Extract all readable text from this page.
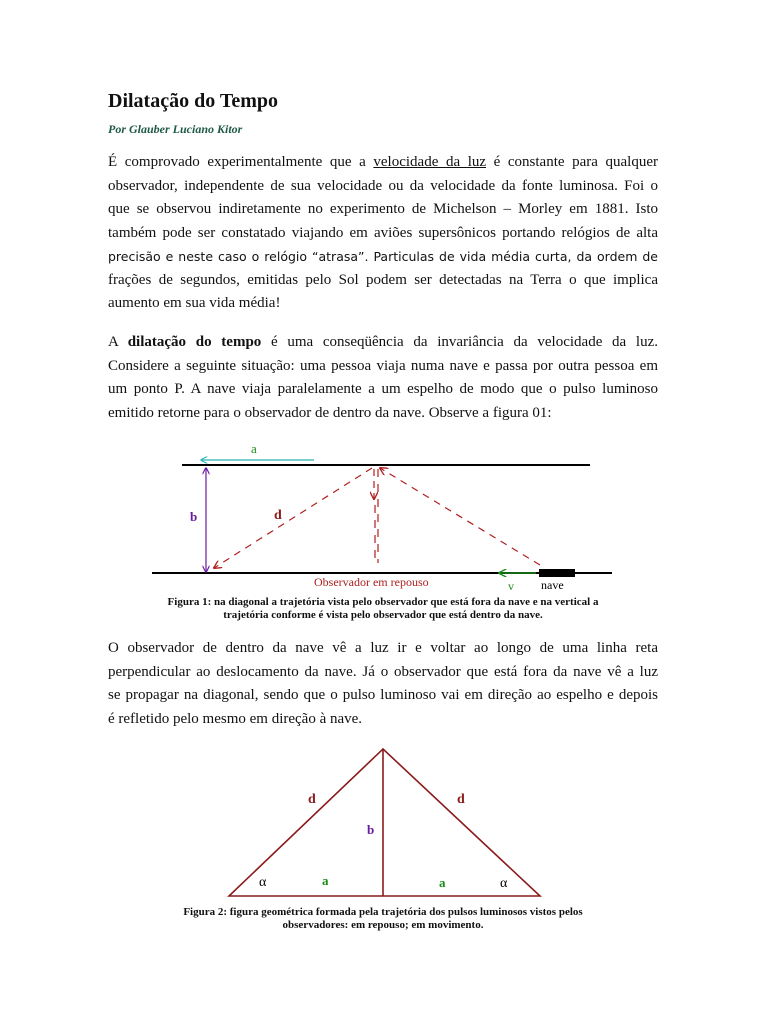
Dilatação do Tempo
Por Glauber Luciano Kitor
É comprovado experimentalmente que a velocidade da luz é constante para qualquer
observador, independente de sua velocidade ou da velocidade da fonte luminosa. Foi o
que se observou indiretamente no experimento de Michelson – Morley em 1881. Isto
também pode ser constatado viajando em aviões supersônicos portando relógios de alta
precisão e neste caso o relógio “atrasa”. Particulas de vida média curta, da ordem de
frações de segundos, emitidas pelo Sol podem ser detectadas na Terra o que implica
aumento em sua vida média!
A dilatação do tempo é uma conseqüência da invariância da velocidade da luz.
Considere a seguinte situação: uma pessoa viaja numa nave e passa por outra pessoa em
um ponto P. A nave viaja paralelamente a um espelho de modo que o pulso luminoso
emitido retorne para o observador de dentro da nave. Observe a figura 01:
a
b	d
Observador em repouso	v nave
Figura 1: na diagonal a trajetória vista pelo observador que está fora da nave e na vertical a
trajetória conforme é vista pelo observador que está dentro da nave.
O observador de dentro da nave vê a luz ir e voltar ao longo de uma linha reta
perpendicular ao deslocamento da nave. Já o observador que está fora da nave vê a luz
se propagar na diagonal, sendo que o pulso luminoso vai em direção ao espelho e depois
é refletido pelo mesmo em direção à nave.
d	d
b
α	α
a	a
Figura 2: figura geométrica formada pela trajetória dos pulsos luminosos vistos pelos
observadores: em repouso; em movimento.
